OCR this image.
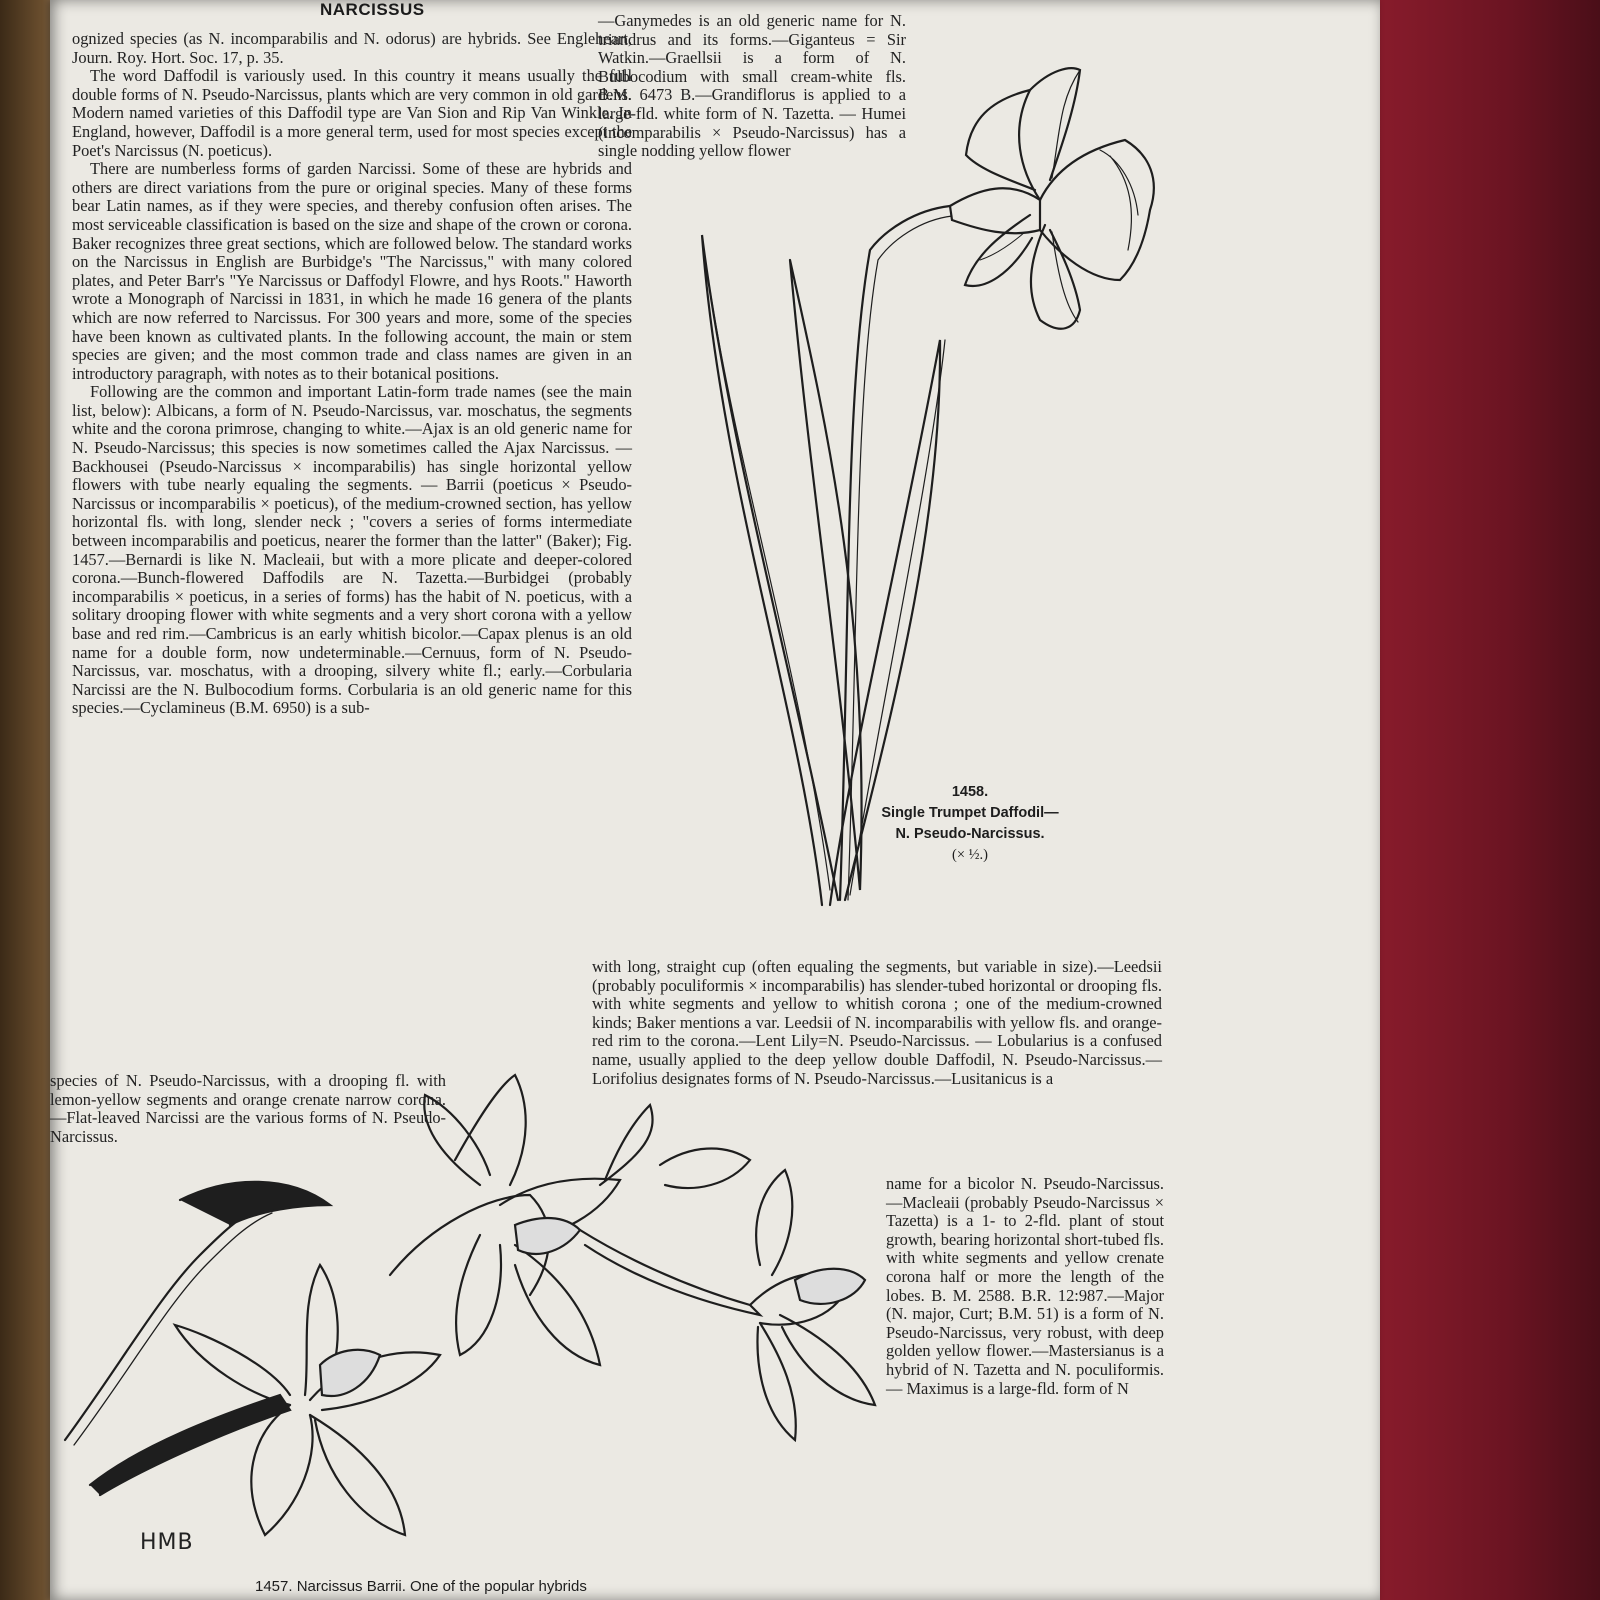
NARCISSUS

—Ganymedes is an old generic name for N. triandrus and its forms.—Giganteus = Sir Watkin.—Graellsii is a form of N. Bulbocodium with small cream-white fls. B.M. 6473 B.—Grandiflorus is applied to a large-fld. white form of N. Tazetta. — Humei (incomparabilis × Pseudo-Narcissus) has a single nodding yellow flower

ognized species (as N. incomparabilis and N. odorus) are hybrids. See Engleheart, Journ. Roy. Hort. Soc. 17, p. 35.

The word Daffodil is variously used. In this country it means usually the full double forms of N. Pseudo-Narcissus, plants which are very common in old gardens. Modern named varieties of this Daffodil type are Van Sion and Rip Van Winkle. In England, however, Daffodil is a more general term, used for most species except the Poet's Narcissus (N. poeticus).

There are numberless forms of garden Narcissi. Some of these are hybrids and others are direct variations from the pure or original species. Many of these forms bear Latin names, as if they were species, and thereby confusion often arises. The most serviceable classification is based on the size and shape of the crown or corona. Baker recognizes three great sections, which are followed below. The standard works on the Narcissus in English are Burbidge's "The Narcissus," with many colored plates, and Peter Barr's "Ye Narcissus or Daffodyl Flowre, and hys Roots." Haworth wrote a Monograph of Narcissi in 1831, in which he made 16 genera of the plants which are now referred to Narcissus. For 300 years and more, some of the species have been known as cultivated plants. In the following account, the main or stem species are given; and the most common trade and class names are given in an introductory paragraph, with notes as to their botanical positions.

Following are the common and important Latin-form trade names (see the main list, below): Albicans, a form of N. Pseudo-Narcissus, var. moschatus, the segments white and the corona primrose, changing to white.—Ajax is an old generic name for N. Pseudo-Narcissus; this species is now sometimes called the Ajax Narcissus. — Backhousei (Pseudo-Narcissus × incomparabilis) has single horizontal yellow flowers with tube nearly equaling the segments. — Barrii (poeticus × Pseudo-Narcissus or incomparabilis × poeticus), of the medium-crowned section, has yellow horizontal fls. with long, slender neck ; "covers a series of forms intermediate between incomparabilis and poeticus, nearer the former than the latter" (Baker); Fig. 1457.—Bernardi is like N. Macleaii, but with a more plicate and deeper-colored corona.—Bunch-flowered Daffodils are N. Tazetta.—Burbidgei (probably incomparabilis × poeticus, in a series of forms) has the habit of N. poeticus, with a solitary drooping flower with white segments and a very short corona with a yellow base and red rim.—Cambricus is an early whitish bicolor.—Capax plenus is an old name for a double form, now undeterminable.—Cernuus, form of N. Pseudo-Narcissus, var. moschatus, with a drooping, silvery white fl.; early.—Corbularia Narcissi are the N. Bulbocodium forms. Corbularia is an old generic name for this species.—Cyclamineus (B.M. 6950) is a sub-

species of N. Pseudo-Narcissus, with a drooping fl. with lemon-yellow segments and orange crenate narrow corona.—Flat-leaved Narcissi are the various forms of N. Pseudo-Narcissus.

with long, straight cup (often equaling the segments, but variable in size).—Leedsii (probably poculiformis × incomparabilis) has slender-tubed horizontal or drooping fls. with white segments and yellow to whitish corona ; one of the medium-crowned kinds; Baker mentions a var. Leedsii of N. incomparabilis with yellow fls. and orange-red rim to the corona.—Lent Lily=N. Pseudo-Narcissus. — Lobularius is a confused name, usually applied to the deep yellow double Daffodil, N. Pseudo-Narcissus.—Lorifolius designates forms of N. Pseudo-Narcissus.—Lusitanicus is a

name for a bicolor N. Pseudo-Narcissus.—Macleaii (probably Pseudo-Narcissus × Tazetta) is a 1- to 2-fld. plant of stout growth, bearing horizontal short-tubed fls. with white segments and yellow crenate corona half or more the length of the lobes. B. M. 2588. B.R. 12:987.—Major (N. major, Curt; B.M. 51) is a form of N. Pseudo-Narcissus, very robust, with deep golden yellow flower.—Mastersianus is a hybrid of N. Tazetta and N. poculiformis.— Maximus is a large-fld. form of N

1458.
Single Trumpet Daffodil—
N. Pseudo-Narcissus.
(× ½.)
HMB
1457. Narcissus Barrii. One of the popular hybrids
